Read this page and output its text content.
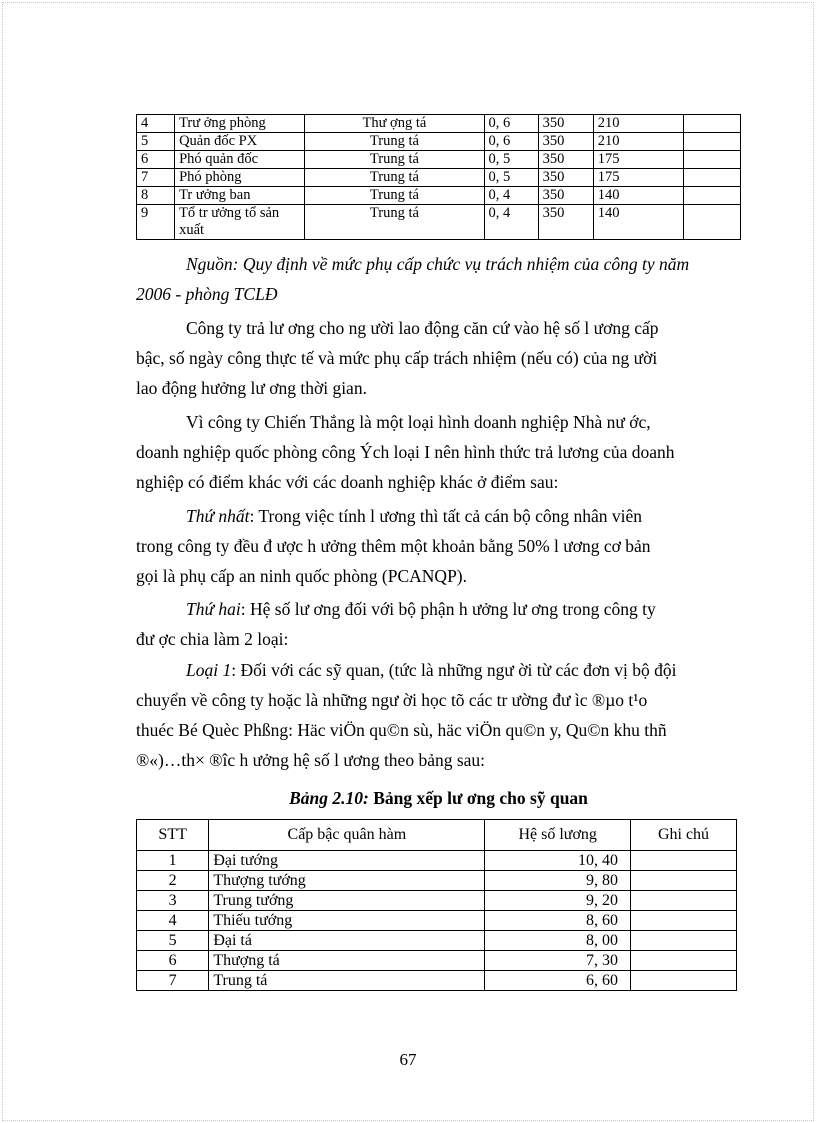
4	Trư ởng phòng	Thư ợng tá	0, 6	350	210	
5	Quản đốc PX	Trung tá	0, 6	350	210	
6	Phó quản đốc	Trung tá	0, 5	350	175	
7	Phó phòng	Trung tá	0, 5	350	175	
8	Tr ưởng ban	Trung tá	0, 4	350	140	
9	Tổ tr ưởng tổ sản xuất	Trung tá	0, 4	350	140	

Nguồn: Quy định về mức phụ cấp chức vụ trách nhiệm của công ty năm
2006 - phòng TCLĐ

Công ty trả lư ơng cho ng ười lao động căn cứ vào hệ số l ương cấp
bậc, số ngày công thực tế và mức phụ cấp trách nhiệm (nếu có) của ng ười
lao động hưởng lư ơng thời gian.

Vì công ty Chiến Thắng là một loại hình doanh nghiệp Nhà nư ớc,
doanh nghiệp quốc phòng công Ých loại I nên hình thức trả lương của doanh
nghiệp có điểm khác với các doanh nghiệp khác ở điểm sau:

Thứ nhất: Trong việc tính l ương thì tất cả cán bộ công nhân viên
trong công ty đều đ ược h ưởng thêm một khoản bằng 50% l ương cơ bản
gọi là phụ cấp an ninh quốc phòng (PCANQP).

Thứ hai: Hệ số lư ơng đối với bộ phận h ưởng lư ơng trong công ty
đư ợc chia làm 2 loại:

Loại 1: Đối với các sỹ quan, (tức là những ngư ời từ các đơn vị bộ đội
chuyển về công ty hoặc là những ngư ời học tõ các tr ường đư ìc ®µo t¹o
thuéc Bé Quèc Phßng: Häc viÖn qu©n sù, häc viÖn qu©n y, Qu©n khu thñ
®«)…th× ®îc h ưởng hệ số l ương theo bảng sau:

Bảng 2.10: Bảng xếp lư ơng cho sỹ quan
STT	Cấp bậc quân hàm	Hệ số lương	Ghi chú
1	Đại tướng	10, 40	
2	Thượng tướng	9, 80	
3	Trung tướng	9, 20	
4	Thiếu tướng	8, 60	
5	Đại tá	8, 00	
6	Thượng tá	7, 30	
7	Trung tá	6, 60	
67
